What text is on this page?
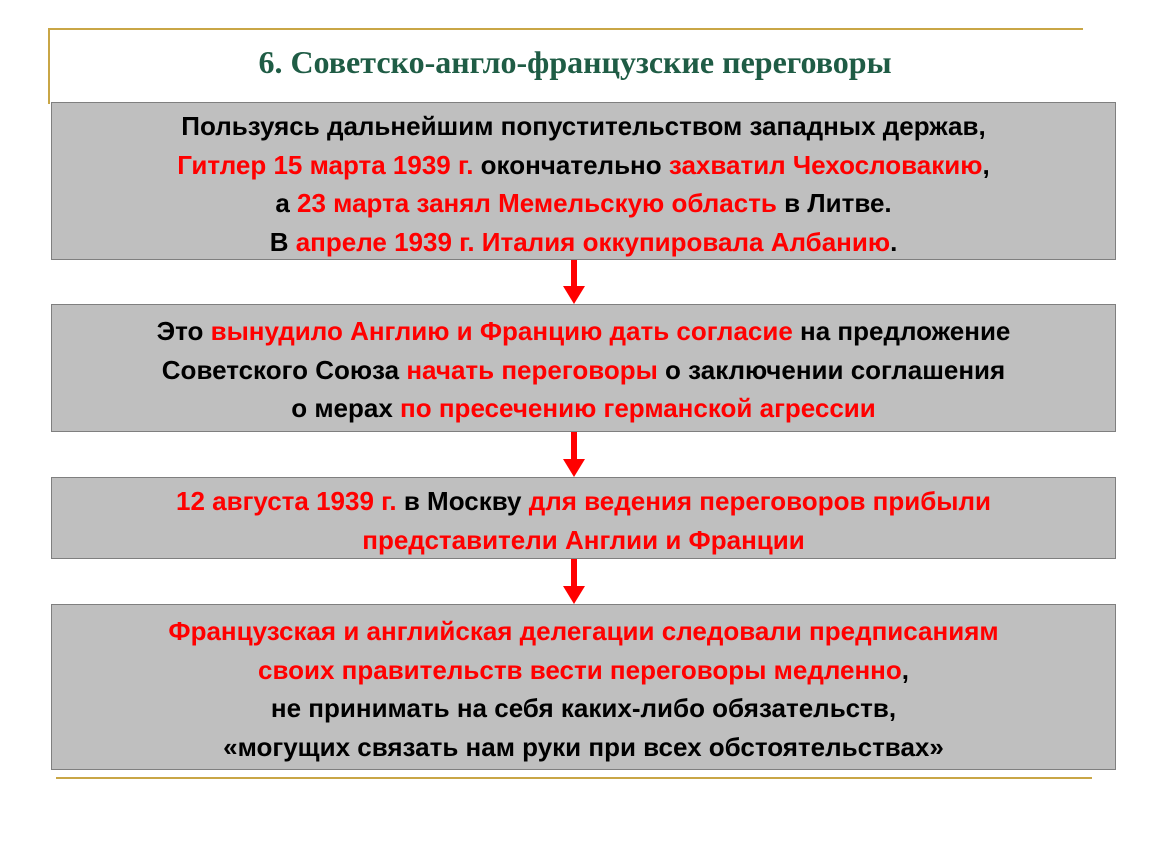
6. Советско-англо-французские переговоры
Пользуясь дальнейшим попустительством западных держав,
Гитлер 15 марта 1939 г. окончательно захватил Чехословакию,
а 23 марта занял Мемельскую область в Литве.
В апреле 1939 г. Италия оккупировала Албанию.
Это вынудило Англию и Францию дать согласие на предложение
Советского Союза начать переговоры о заключении соглашения
о мерах по пресечению германской агрессии
12 августа 1939 г. в Москву для ведения переговоров прибыли
представители Англии и Франции
Французская и английская делегации следовали предписаниям
своих правительств вести переговоры медленно,
не принимать на себя каких-либо обязательств,
«могущих связать нам руки при всех обстоятельствах»
